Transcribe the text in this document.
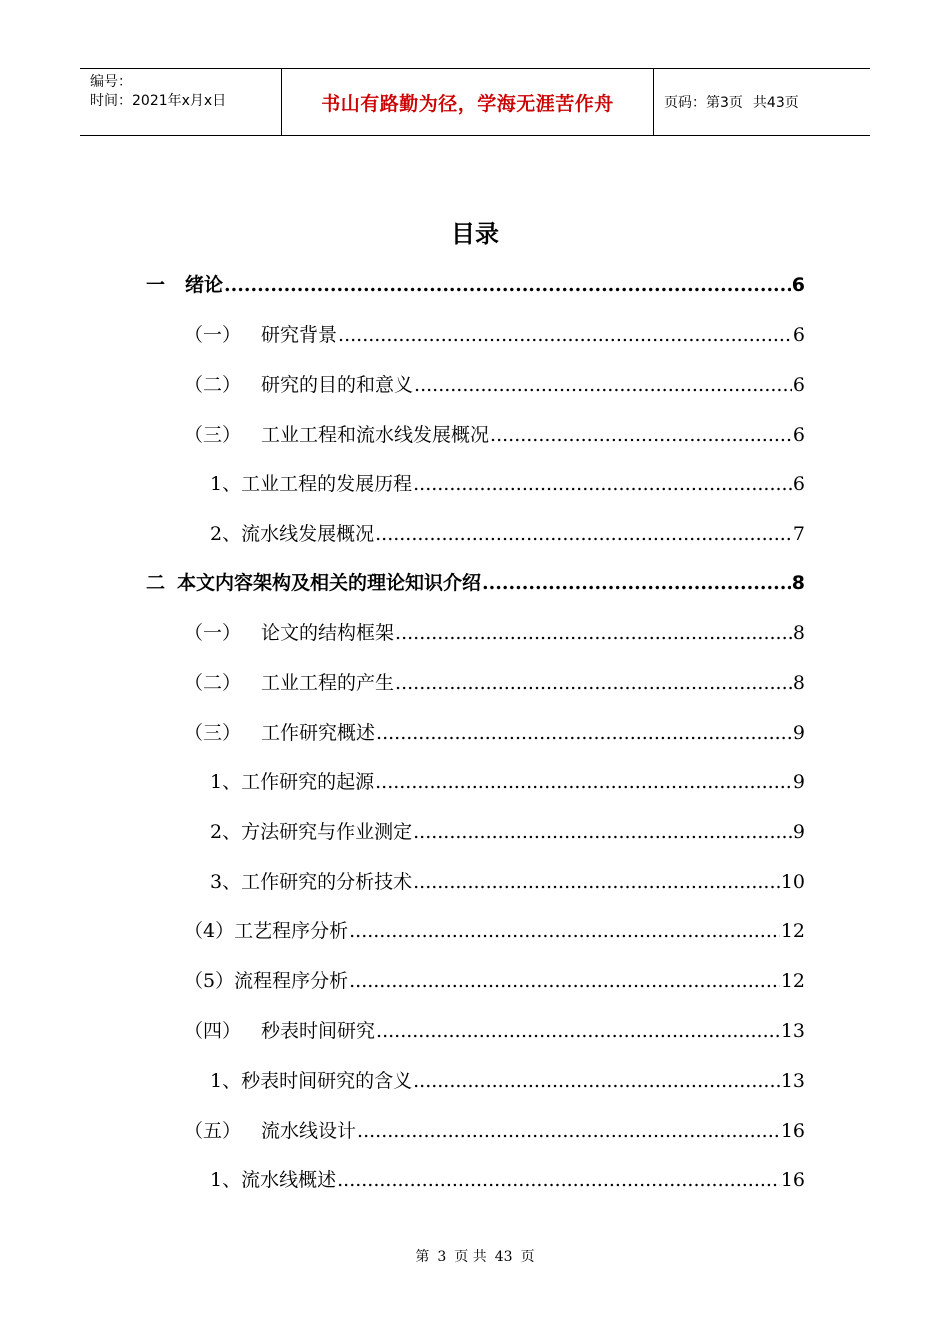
编号：
时间：2021年x月x日	书山有路勤为径，学海无涯苦作舟	页码： 第3页 共43页
目录
一 绪论 .....	6
（一） 研究背景 .....	6
（二） 研究的目的和意义 .....	6
（三） 工业工程和流水线发展概况 .....	6
1、工业工程的发展历程 .....	6
2、流水线发展概况 .....	7
二 本文内容架构及相关的理论知识介绍 .....	8
（一） 论文的结构框架 .....	8
（二） 工业工程的产生 .....	8
（三） 工作研究概述 .....	9
1、工作研究的起源 .....	9
2、方法研究与作业测定 .....	9
3、工作研究的分析技术 .....	10
（4）工艺程序分析 .....	12
（5）流程程序分析 .....	12
（四） 秒表时间研究 .....	13
1、秒表时间研究的含义 .....	13
（五） 流水线设计 .....	16
1、流水线概述 .....	16
第 3 页 共 43 页
